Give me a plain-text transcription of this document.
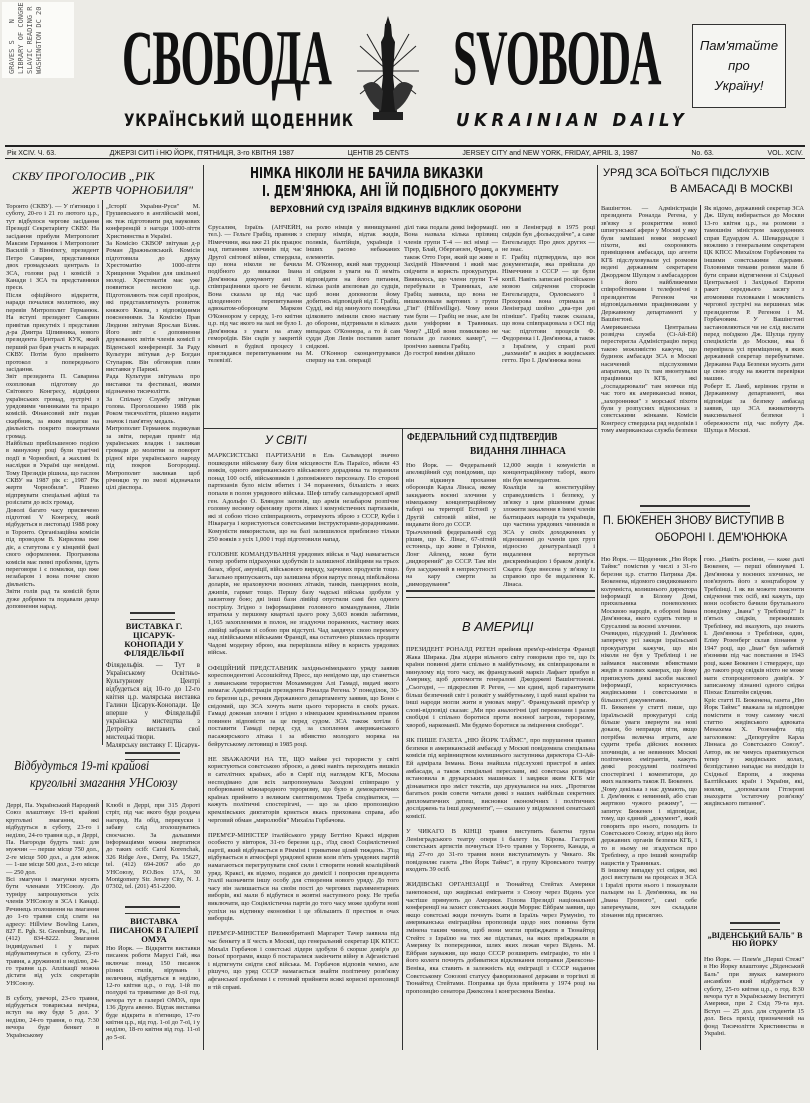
GRAVES S    N
LIBRARY OF CONGRE
SLAVIC READING R
WASHINGTON DC 20
СВОБОДА SVOBODA
УКРАЇНСЬКИЙ ЩОДЕННИК	UKRAINIAN DAILY
Пам'ятайте
про
Україну!
Рік XCIV. Ч. 63.	ДЖЕРЗІ СИТІ і НЮ ЙОРК, П'ЯТНИЦЯ, 3-го КВІТНЯ 1987	ЦЕНТІВ 25 CENTS	JERSEY CITY and NEW YORK, FRIDAY, APRIL 3, 1987	No. 63.	VOL. XCIV.
СКВУ ПРОГОЛОСИВ „РІК
ЖЕРТВ ЧОРНОБИЛЯ"
Торонто (СКВУ). — У п'ятницю і суботу, 20-го і 21 го лютого ц.р., тут відбулося чергове засідання Президії Секретаріяту СКВУ. На засідання прибули Митрополит Максим Германюк і Митрополит Василій з Вінніпегу, президент Петро Саварин, представники двох громадських централь із ЗСА, голови рад і комісій з Канади і ЗСА та представники преси.
Після офіційного відкриття, наради почалися молитвою, яку перевів Митрополит Германюк. На вступі президент Саварин привітав присутніх і представив д-ра Дмитра Ціпивника, нового президента Централі КУК, який перший раз брав участь в нарадах СКВУ. Потім було прийнято протокол з попереднього засідання.
Звіт президента П. Саварина охоплював підготову до Світового Конгресу, відвідини українських громад, зустрічі з урядовими чинниками та працю комісій. Фінансовий звіт подав скарбник, за яким видатки на діяльність покрито пожертвами громад.
Найбільш прибільшеною подією в минулому році були трагічні події в Чорнобилі, а жахливі їх наслідки в Україні ще невідомі. Тому Президія рішила, що гаслом СКВУ на 1987 рік є: „1987 Рік жертв Чорнобиля". Рішено відпрвувати спеціальні афіші та розіслати до всіх громад.
Доволі багато часу присвячено підготові V Конгресу, який відбудеться в листопаді 1988 року в Торонто. Організаційна комісія під проводом В. Кирилова вже діє, а статутова є у кінцевій фазі свого оформлення. Програмова комісія має певні проблеми, ідуть переговори і є помилки, що вже незабаром і вона почне свою діяльність.
Звіти голів рад та комісій були дуже добрими та подавали дещо доповнення нарад.
„Історії України-Руси" М. Грушевського в англійській мові, як теж підготовити ряд наукових конференцій з нагоди 1000-ліття Християнства в Україні.
За Комісію СКВОР звітував д-р Роман Дражньовський. Комісія підготовила до друку Хрестоматію 1000-ліття Хрищення України для шкільної молоді. Хрестоматія має уже появитися весною ц.р. Підготовляють теж серії прозірок, які представлятимуть розвиток княжого Києва, з відповідними поясненнями. За Комісію Прав Людини звітував Ярослав Біляк. Його звіт є доповнення друкованих звітів членів комісії з Віденської конференції. За Раду Культури звітував д-р Богдан Ступарик. Він обговорив плян виставки у Парижі.
Рада Культури звітувала про виставки та фестивалі, якими відзначено тисячоліття.
За Спільну Службу звітував голова. Проголошено 1988 рік Роком тисячоліття, рішено видати значок і пам'ятну медаль.
Митрополит Германюк подякував за звіти, передав привіт від українських владик і закликав громади до молитви за поворот рідної віри українського народу під покров Богородиці. Митрополит закликав щоб річницю ту по змозі відзначали цілі діяспора.
ВИСТАВКА Г. ЦІСАРУК-КОНОПАДИ У ФІЛЯДЕЛЬФІЇ
Філядельфія. — Тут в Українському Освітньо-Культурному Центрі відбудеться від 10-го до 12-го квітня ц.р. малярська виставка Галини Цісарук-Конопади. Це вперше у Філядельфії українська мистецтва з Детройту виставить свої мистецькі твори.
Малярську виставку Г. Цісарук-
Відбудуться 19-ті крайові
кругольні змагання УНСоюзу
Деррі, Па. Український Народний Союз влаштовує 19-ті крайові кругольні змагання, які відбудуться в суботу, 23-го і неділю, 24-го травня ц.р., в Деррі, Па. Нагороди будуть такі: для мужчин — перше місце 750 дол., 2-ге місце 500 дол., а для жінок — 1-ше місце 500 дол., 2-го місце — 250 дол.
Всі змагуни і змагунки мусять бути членами УНСоюзу. До турніру запрошуються усіх членів УНСоюзу в ЗСА і Канаді. Речинець зголошення на змагання до 1-го травня слід слати на адресу: Hillview Bowling Lanes, 827 E. Pgh. St. Greenburg, Pa., tel. (412) 834-8222. Змагання індивідуальні і у парах відбуватимуться в суботу, 23-го травня, а дружинові в неділю, 24-го травня ц.р. Аплікації можна дістати від усіх секретарів УНСоюзу.

В суботу, увечорі, 23-го травня, відбудеться товариська вечірка, вступ на яку буде 5 дол. У неділю, 24-го травня, о год. 7:30 вечора буде бенкет в Українському
Клюбі в Деррі, при 315 Доротi стріт, під час якого буде роздача нагород. На обід, перекуски і забаву слід зголошуватись своєчасно. За дальшими інформаціями можна звертатися до таких осіб: Carol Korenchak, 326 Ridge Ave., Derry, Pa. 15627, tel. (412) 694-2067 або до УНСоюзу, P.O.Box 17A, 30 Montgomery Str. Jersey City, N. J. 07302, tel. (201) 451-2200.
ВИСТАВКА ПИСАНОК В ГАЛЕРІЇ ОМУА
Ню Йорк. — Відкриття виставки писанок роботи Марусі Гай, яка включає понад 150 писанок різних стилів, вірувань і величини, відбудеться в неділю, 12-го квітня ц.р., о год. 1-ій по полудні та триватиме до 8-ої год. вечора тут в галереї ОМУА, при 136 Друга авеню. Відтак виставка буде відкрита в п'ятницю, 17-го квітня ц.р., від год. 1-ої до 7-ої, і у неділю, 18-го квітня від год. 11-ої до 5-ої.
НІМКА НІКОЛИ НЕ БАЧИЛА ВИКАЗКИ
І. ДЕМ'ЯНЮКА, АНІ ЇЙ ПОДІБНОГО ДОКУМЕНТУ
ВЕРХОВНИЙ СУД ІЗРАЇЛЯ ВІДКИНУВ ВІДКЛИК ОБОРОНИ
Єрусалим, Ізраїль (АНЧЕЙН, тел.). — Гельге Грабіц, правник з Німеччини, яка вже 21 рік працює над питанням злочинів під час Другої світової війни, ствердила, що вона ніколи не бачила подібного до виказки Івана Дем'янюка документу ані її співпрацівники цього не бачили. Вона сказала це під час цілоденного перепитування адвокатом-оборонцем Марком О'Коннором у середу, 1-го квітня ц.р. під час якого на залі не було І. Дем'янюка з уваги на атаку гемороїдів. Він сидів у закритій кімнаті в будівлі процесу і приглядався перепитуванням на телевізії.
на ролю німців у винищуванні спершу німців, відтак жидів, поляків, балтійців, українців і інших расово небажаних елементів.
М. О'Коннор, який мав труднощі зі свідком з уваги на її неміть відповідати на його питання, кілька разів апелював до судців, щоб вони допомогли йому добитись відповідей від Г. Грабіц. Судді, які від минулого понеділка цілковито змінили свою наставу до оборони, підтримали в кількох випадках О'Коннора, а то й сам суддя Дов Левін поставив запит свідкові.
М. О'Коннор сконцентрувався спершу на т.зв. операції
ділі така подала деякі інформації. Вона назвала кілька прізвищ членів групи Т-4 — всі німці — Тірер, Блай, Оберганзен, Франц, а також Отто Горн, який ще живе в Західній Німеччині і який має свідчити в користь прокуратури. Виявилось, що члени групи Т-4 перебували в Травниках, але Грабіц заявила, що вона не вишколювали вартових з групи „Гіві" (Hilfswillige). Чому вони там були — Грабіц не знає, але їм дали уніформи в Травниках. Чому? „Щоб вони помилково не попали до газових камер", — іронічно заявила Грабіц.
До гострої вимiни дійшло
ню в Ленінграді в 1975 році свідків був „фольксдойче", а саме Енгельгардт. Про двох других — не знає.
Г. Грабіц підтвердила, що вся документація, яка прийшла до Німеччини з СССР — це були копії. Навіть записані російською мовою свідчення сторожів Енгельгардта, Орловського і Прохорова вона отримала в Ленінграді шойно „два-три дні пізніше". Грабіц також сказала, що вона співпрацювала з ОСІ під час підготови процесів Ф. Федоренка і І. Дем'янюка, а також з Ізраїлем, у справі ролі „вахманів" в акціях в жидівських гетто. Про І. Дем'янюка вона
У СВІТІ
МАРКСИСТСЬКІ ПАРТИЗАНИ в Ель Сальвадорі значно пошкодили військову базу біля місцевости Ель Параїсо, вбили 43 вояків, одного американського військового дорадника та поранили понад 100 осіб, військовиків і допоміжного персоналу. По стороні партизанів було вісім вбитих і 34 поранених, більшість з яких попали в полон урядового війська. Шеф штабу сальвадорської армії ген. Адольфо О. Бляндон заповів, що армія незабаром розпічне головну весняну офензиву проти лівих і комуністичних партизанів, які зі собою тісно співпрацюють, отримують зброю з СССР, Куби і Нікарагуа і користуються совєтськими інструкторами-дорадниками. Комуністи використали, що на базі залишилося приблизно тільки 250 вояків з усіх 1,000 і тоді підготовили напад.

ГОЛОВНЕ КОМАНДУВАННЯ урядових військ в Чаді намагається тепер зробити підрахунки здобутків із залишеної лівійцями на трьох базах, зброї, амуніції, військового виряду, харчових продуктів тощо. Загально припускають, що залишена зброя вартує понад півбільйона доларів, не враховуючи воєнних літаків, танків, панцерних возів, джипів, гармат тощо. Першу базу чадські війська здобули у завзятому бою; дві інші бази лівійці опустили самі без одного пострілу. Згідно з інформаціями головного командування, Лівія втратила у першому кварталі цього року 3,603 вояків забитими, 1,165 захопленими в полон, не згадуючи поранених, частину яких лівійці забрали зі собою при відступі. Чад завдячує свою перемогу над лівійськими військами Франції, яка остаточно рішилась продати Чадові модерну зброю, яка перерішила війну в користь урядових військ.

ОФІЦІЙНИЙ ПРЕДСТАВНИК західньонімецького уряду заявив кореспондентові Ассошієйтед Пресс, що невідомо ще, що станеться з ливанським терористом Мохаммедом Алі Гамаді, видачі якого вимагає Адміністрація президента Роналда Регена. У понеділок, 30-го березня ц.р., речник Державного департаменту заявив, що Бонн є свідомий, що ЗСА хочуть мати цього терориста в своїх руках. Гамаді доконав злочин і згідно з німецьким кримінальним правом повинен відповісти за це перед судом. ЗСА також хотіли б поставити Гамаді перед суд за схоплення американського пасажирського літака і за вбивство молодого моряка на бейрутському летовищі в 1985 році.

НЕ ЗВАЖАЮЧИ НА ТЕ, ЩО майже усі терористи у світі користуються совєтською зброєю, а деякі навіть переходять вишкіл в сателітних країнах, або в Сирії під наглядом КГБ, Москва несподівано для всіх запропонувала Заходові співпрацю у поборюванні міжнародного тероризму, що було в демократичних країнах прийнято з великим скептицизмом. Треба сподіватися, — кажуть політичні спостерігачі, — що за цією пропозицією кремлівських диктаторів криється якась прихована справа, або черговий обман „миролюбія" Михаїла Горбачова.

ПРЕМ'ЄР-МІНІСТЕР італійського уряду Беттіно Краксі відкрив особисто у вівторок, 31-го березня ц.р., з'їзд своєї Соціялістичної партії, який відбувається в Рімміні і триватиме цілий тиждень. З'їзд відбувається в атмосфері урядової кризи коли п'ять урядових партій намагаються перегрупувати свої сили і створити новий коаліційний уряд. Краксі, як відомо, подався до димісії і попросив президента Італії назначити іншу особу для створення нового уряду. До того часу він залишається на своїм пості до чергових парляментарних виборів, які мали б відбутися в жовтні наступного року. Не треба виключати, що Соціялістична партія до того часу може здобути нові успіхи на відтинку економіки і це збільшить її престиж в очах виборців.

ПРЕМ'ЄР-МІНІСТЕР Великобританії Маргарет Тачер заявила під час бенкету в її честь в Москві, що генеральний секретар ЦК КПСС Михаїл Горбачов і совєтські лідери здобули б скорше довір'я до їхньої програми, якщо б постаралися закінчити війну в Афганістані і відтягнути свідти свої війська. М. Горбачов відповів чемно, але рішучо, що уряд СССР намагається знайти політичну розв'язку афганської проблеми і є готовий прийняти всякі корисні пропозиції в тій справі.
ФЕДЕРАЛЬНИЙ СУД ПІДТВЕРДИВ
ВИДАННЯ ЛІННАСА
Ню Йорк. — Федеральний апеляційний суд повідомив, що він відкинув прохання оборонців Карла Лінаса, якому закидають воєнні злочини у німецькому концентраційному таборі на території Естонії у Другій світовій війні, не видавати його до СССР.
Трьочленний федеральний суд рішив, що К. Лінас, 67-літній естонець, що живе в Грінлов, Лонг Айленд, може бути „видворений" до СССР. Там він був засуджений в неприсутності на кару смерти за „вимордування"
12,000 жидів і комуністів в концентраційному таборі, якого він був комендантом.
Коаліція за конституційну справедливість і безпеку, у зв'язку з цим рішенням думає зложити зажалення в імені членів балтицьких народів та українців, що частина урядових чинників в ЗСА у своїх доходженнях у відношенні до членів цих груп відносно денатуралізації і видалення вертуться дискримінацією і браком довір'я. Скарга буде внесена у зв'язку із справою про бе видалення К. Лінаса.
В АМЕРИЦІ
ПРЕЗИДЕНТ РОНАЛД РЕГЕН прийняв прем'єр-міністра Франції Жака Ширака. Два лідери вільного світу говорили про те, що їх країни повинні діяти спільно в майбутньому, як співпрацювали в минулому від того часу, як французький маркіз Лафает прибув в Америку, щоб допомогти генералові Джорджеві Вашінгтонові. „Сьогодні, — підкреслив Р. Реген, — ми єдині, щоб гарантувати більш безпечний світ і розквіт у майбутньому, і щоб наші країни та інші народи могли жити в умовах миру". Французький прем'єр у слові-відповіді сказав: „Ми пpo аналогічні ідеї переконани і разом свобідні і спільно боротися проти воєнної загрози, тероризму, хвороб, наркоманії. Ми будемо боротися за зміцнення свободи".

ЯК ПИШЕ ГАЗЕТА „НЮ ЙОРК ТАЙМС", про порушення правил безпеки в американській амбасаді у Москві повідомила спеціяльна комісія під керівництвом колишнього заступника директора Сі-Ай-Ей адмірала Інмана. Вона знайшла підслухові пристрої в авіях амбасади, а також спеціяльні переслави, які совєтська розвідка встановила в друкарських машинках і завдяки яким КГБ міг дізнаватися про зміст текстів, що друкувалися на них. „Протягом багатьох років совєти читали деякі з наших найбільш секретних дипломатичних депеш, висновки економічних і політичних досліджень та інші документи", — сказано у звідомленні сенатської комісії.

У ЧИКАГО В КІНЦІ травня виступить балетна група Ленінградського театру опери і балету ім. Кірова. Гастролі совєтських артистів почнуться 19-го травня у Торонто, Канада, а від 27-го до 31-го травня вони виступатимуть у Чикаго. Як повідомляє газета „Ню Йорк Таймс", в групу Кіровського театру входить 39 осіб.

ЖИДІВСЬКІ ОРГАНІЗАЦІЇ в Тюнайтед Стейтах Америки занепокоєні, що жидівські емігранти з Союзу через Відень усе частіше прямують до Америки. Голова Президії національної конференції на захист совєтських жидів Моррис Ейбрам заявив, що якщо совєтські жиди почнуть їхати в Ізраїль через Румунію, то американська еміграційна пропозиція щодо них повинна бути змінена таким чином, щоб вони могли приїжджати в Тюнайтед Стейтс з Ізраїлю на тих же підставах, на яких приїжджали в Америку їх попередники, шлях яких лежав через Відень. М. Ейбрам зауважив, що якщо СССР розширить еміграцію, то він і його колеги почнуть добиватися відкликання поправки Джексона-Веніка, яка ставить в залежність від еміграції з СССР надання Совєтському Союзові статусу фаворизованої держави в торгівлі зі Тюнайтед Стейтами. Поправка ця була прийнята у 1974 році на пропозицію сенатора Джексона і конгресмена Веніка.
УРЯД ЗСА БОЇТЬСЯ ПІДСЛУХІВ
В АМБАСАДІ В МОСКВІ
Вашінгтон. — Адміністрація президента Роналда Регена, у зв'язку з розкриттям нової шпигунської афери у Москві у яку були замішані вояки морської піхоти, які охороняють приміщення амбасади, що агенти КГБ підслуховували усі розмови ведені державним секретарем Джорджом Шулцом з амбасадором і його найближчими співробітниками і телефонічні з президентом Регеном чи відповідальними працівниками у Державному департаменті у Вашінгтоні.
Американська Центральна розвідча служба (Сі-Ай-Ей) перестерегла Адміністрацію перед такою можливістю кажучи, що будинок амбасади ЗСА в Москві насичений підслуховими апаратами, що їх там вмонтували працівники КГБ, які „ґоспадарювали" там мовчки під час того як американські вояки, „захоронники" з морської піхоти були у розпусних відносинах з совєтськими жінками. Комісія Конгресу ствердила ряд недоліків і тому американська служба безпеки
Як відомо, державний секретар ЗСА Дж. Шулц вибирається до Москви 13-го квітня ц.р., на розмови з тамошнім міністром закордонних справ Едуардом А. Шеварднадзе і можливо з генеральним секретарем ЦК КПСС Михаїлом Горбачовим та іншими совєтськими лідерами. Головними темами розмов мали б бути справи відтягнення зі Східньої Центральної і Західньої Европи ракет середнього засягу з атомовими головками і можливість чергової зустрічі на вершинах між президентом Р. Регеном і М. Горбачовим. У Вашінгтоні застановляються чи не слід вислати перед поїздкою Дж. Шулца групу спеціялістів до Москви, яка б перевірила усі приміщення, в яких державний секретар перебуватиме. Державна Рада Безпеки мусить дати це свою згоду на вжиття перевірки машин.
Роберт Е. Ламб, керівник групи в Державному департаменті, яка відповідає за безпеку амбасад заявив, що ЗСА вживатимуть максимальної безпеки і обережности під час побуту Дж. Шулца в Москві.
П. БЮКЕНЕН ЗНОВУ ВИСТУПИВ В
ОБОРОНІ І. ДЕМ'ЮНЮКА
Ню Йорк. — Щоденник „Ню Йорк Таймс" помістив у числі з 31-го березня ц.р. статтю Патрика Дж. Бюкенена, відомого синдикованого колумніста, колишнього директора інформації в Білому Домі, прихильника поневолених Москвою народів, в обороні Івана Дем'янюка, якого судять тепер в Єрусалимі за воєнні злочини.
Очевидно, підсудний І. Дем'янюк заперечує усі закиди ізраїльської прокуратури кажучи, що він ніколи не був у Треблінці і не займався масовими вбивствами жидів в газових камерах, що йому приписують деякі засоби масової інформації, користуючись жидівськими і совєтськими в більшості документами.
П. Бюкенен у статті пише, що ізраїльській прокуратурі слід більше уваги звернути на нові докази, бо неправди піти, якщо потрібна велична втрати, але судити треба дійсних воєнних злочинців, а не невинних Москві політичних емігрантів, кажуть деякі розсудливі політичні спостерігачі і коментатори, до яких належить також П. Бюкенен.
„Чому декілька з нас думають, що І. Дем'янюк є невинний, або став жертвою чужого режиму", — запитує Бюкенен і відповідає, тому, що єдиний „документ", який говорить про нього, походить із Совєтського Союзу, згідно від його державних органів безпеки КГБ, і то в ньому не згадується про Треблінку, а про інший концтабір нацистів у Травниках.
В іншому випадку усі свідки, які досі виступали на процесах в ЗСА і Ізраїлі проти нього і показували пальцем на І. Дем'янюка, як на „Івана Грозного", самі себе заперечували, хоч складали зізнання під присягою.
гою. „Навіть росіяни, — каже далі Бюкенен, — перші обвинувачі І. Дем'янюка у воєнних злочинах, не пов'язують його з концтабором у Треблінці. І як ви можете пояснити свідчення тих осіб, які кажуть, що вони особисто бачили брутального поведінку „Івана" у Треблінці?" Із п'ятьох свідків, переживших Треблінку, які вказують, що знають І. Дем'янюка з Треблінки, один, Еліяу Розенберг склав зізнання у 1947 році, що „Іван" був забитий в'язнями під час повстання в 1943 році, каже Бюкенен і стверджує, що до такого роду свідків ніхто не може мати стопроцентового довір'я. У записаному зізнанні одного свідка Пінхас Епштейн свідчив.
Кріс статті П. Бюкенена, газета „Ню Йорк Таймс" вважала за відповідне помістити в тому самому числі статтю жидівського адвоката Менахема Х. Розенафта під заголовком: „Депортуйте Карла Ліннаса до Совєтського Союзу". Автор, як не чимусь практикується тепер у жидівських колах, безпідставно нападає на вихідців із Східньої Европи, а зокрема Балтійських країн і України, які, мовляв, „допомагали Гітлерові знаходити 'остаточну розв'язку' жидівського питання".
„ВІДЕНСЬКИЙ БАЛЬ" В НЮ ЙОРКУ
Ню Йорк. — Плем'я „Перші Стежі" в Ню Йорку влаштовує „Віденський Баль" при звуках камерного ансамблю який відбудеться у суботу, 25-го квітня ц.р., о год. 8:30 вечора тут в Українському Інституті Америки, при 2 Схід 79-та вул. Вступ — 25 дол. для студентів 15 дол. Весь прихід призначений на фонд Тисячоліття Християнства в Україні.
